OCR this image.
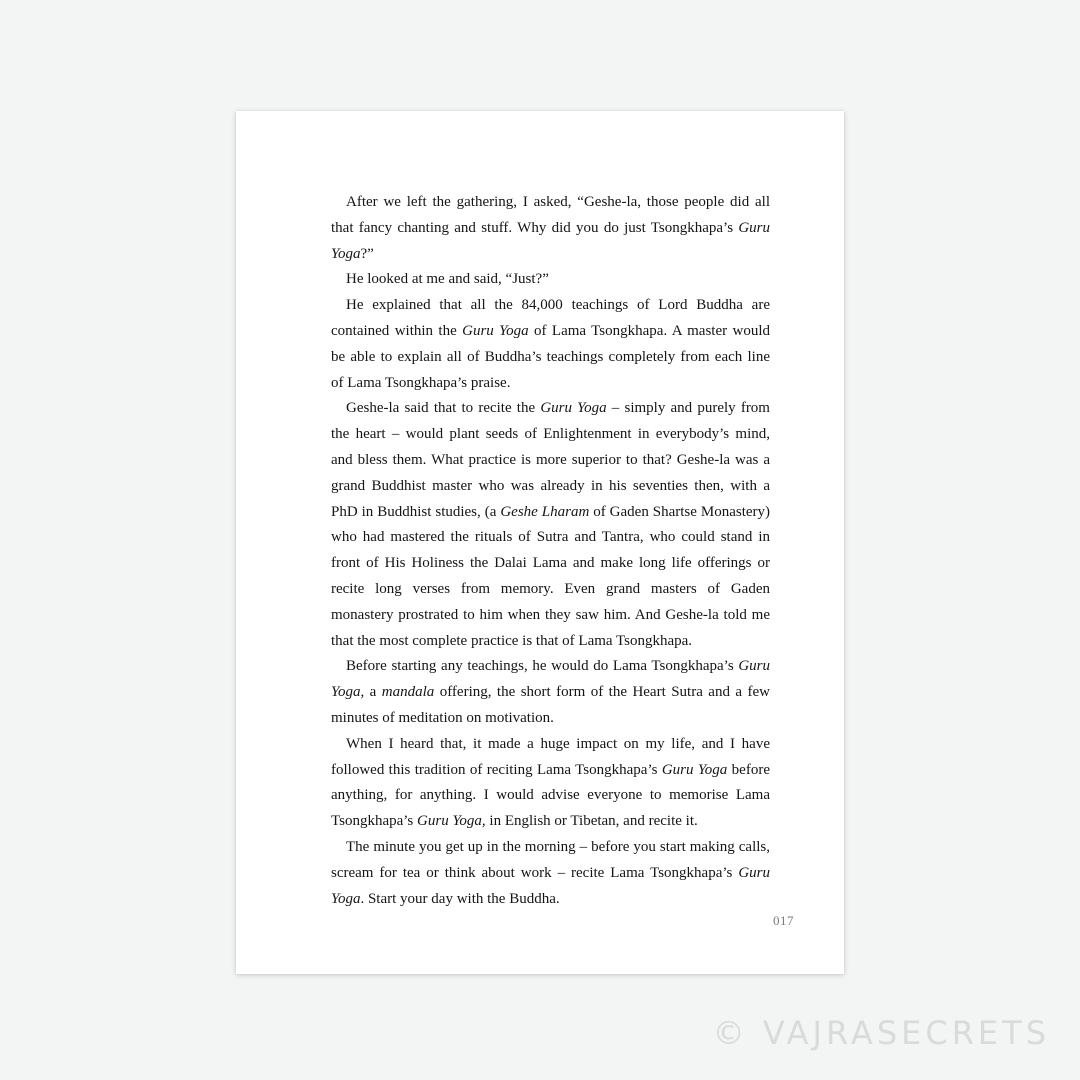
After we left the gathering, I asked, “Geshe-la, those people did all that fancy chanting and stuff. Why did you do just Tsongkhapa’s Guru Yoga?”

He looked at me and said, “Just?”

He explained that all the 84,000 teachings of Lord Buddha are contained within the Guru Yoga of Lama Tsongkhapa. A master would be able to explain all of Buddha’s teachings completely from each line of Lama Tsongkhapa’s praise.

Geshe-la said that to recite the Guru Yoga – simply and purely from the heart – would plant seeds of Enlightenment in everybody’s mind, and bless them. What practice is more superior to that? Geshe-la was a grand Buddhist master who was already in his seventies then, with a PhD in Buddhist studies, (a Geshe Lharam of Gaden Shartse Monastery) who had mastered the rituals of Sutra and Tantra, who could stand in front of His Holiness the Dalai Lama and make long life offerings or recite long verses from memory. Even grand masters of Gaden monastery prostrated to him when they saw him. And Geshe-la told me that the most complete practice is that of Lama Tsongkhapa.

Before starting any teachings, he would do Lama Tsongkhapa’s Guru Yoga, a mandala offering, the short form of the Heart Sutra and a few minutes of meditation on motivation.

When I heard that, it made a huge impact on my life, and I have followed this tradition of reciting Lama Tsongkhapa’s Guru Yoga before anything, for anything. I would advise everyone to memorise Lama Tsongkhapa’s Guru Yoga, in English or Tibetan, and recite it.

The minute you get up in the morning – before you start making calls, scream for tea or think about work – recite Lama Tsongkhapa’s Guru Yoga. Start your day with the Buddha.

017
© VAJRASECRETS
